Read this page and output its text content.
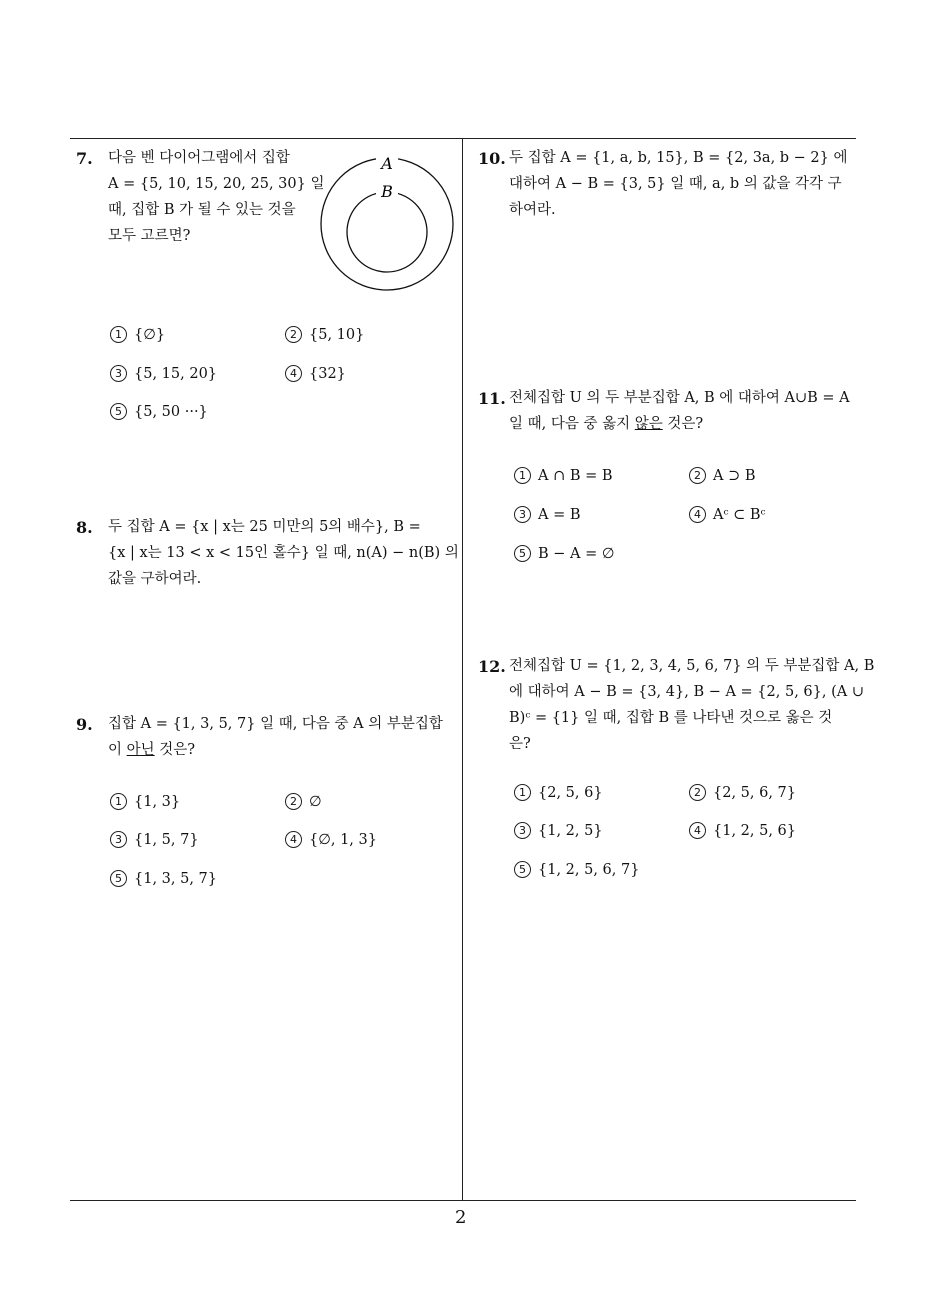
7. 다음 벤 다이어그램에서 집합
A = {5, 10, 15, 20, 25, 30} 일
때, 집합 B 가 될 수 있는 것을
모두 고르면?
A
B
1 {∅}	2 {5, 10}
3 {5, 15, 20}	4 {32}
5 {5, 50 ···}
8. 두 집합 A = {x | x는 25 미만의 5의 배수}, B =
{x | x는 13 < x < 15인 홀수} 일 때, n(A) − n(B) 의
값을 구하여라.
9. 집합 A = {1, 3, 5, 7} 일 때, 다음 중 A 의 부분집합
이 아닌 것은?
1 {1, 3}	2 ∅
3 {1, 5, 7}	4 {∅, 1, 3}
5 {1, 3, 5, 7}
10. 두 집합 A = {1, a, b, 15}, B = {2, 3a, b − 2} 에
대하여 A − B = {3, 5} 일 때, a, b 의 값을 각각 구
하여라.
11. 전체집합 U 의 두 부분집합 A, B 에 대하여 A∪B = A
일 때, 다음 중 옳지 않은 것은?
1 A ∩ B = B	2 A ⊃ B
3 A = B	4 Aᶜ ⊂ Bᶜ
5 B − A = ∅
12. 전체집합 U = {1, 2, 3, 4, 5, 6, 7} 의 두 부분집합 A, B
에 대하여 A − B = {3, 4}, B − A = {2, 5, 6}, (A ∪
B)ᶜ = {1} 일 때, 집합 B 를 나타낸 것으로 옳은 것
은?
1 {2, 5, 6}	2 {2, 5, 6, 7}
3 {1, 2, 5}	4 {1, 2, 5, 6}
5 {1, 2, 5, 6, 7}
2
